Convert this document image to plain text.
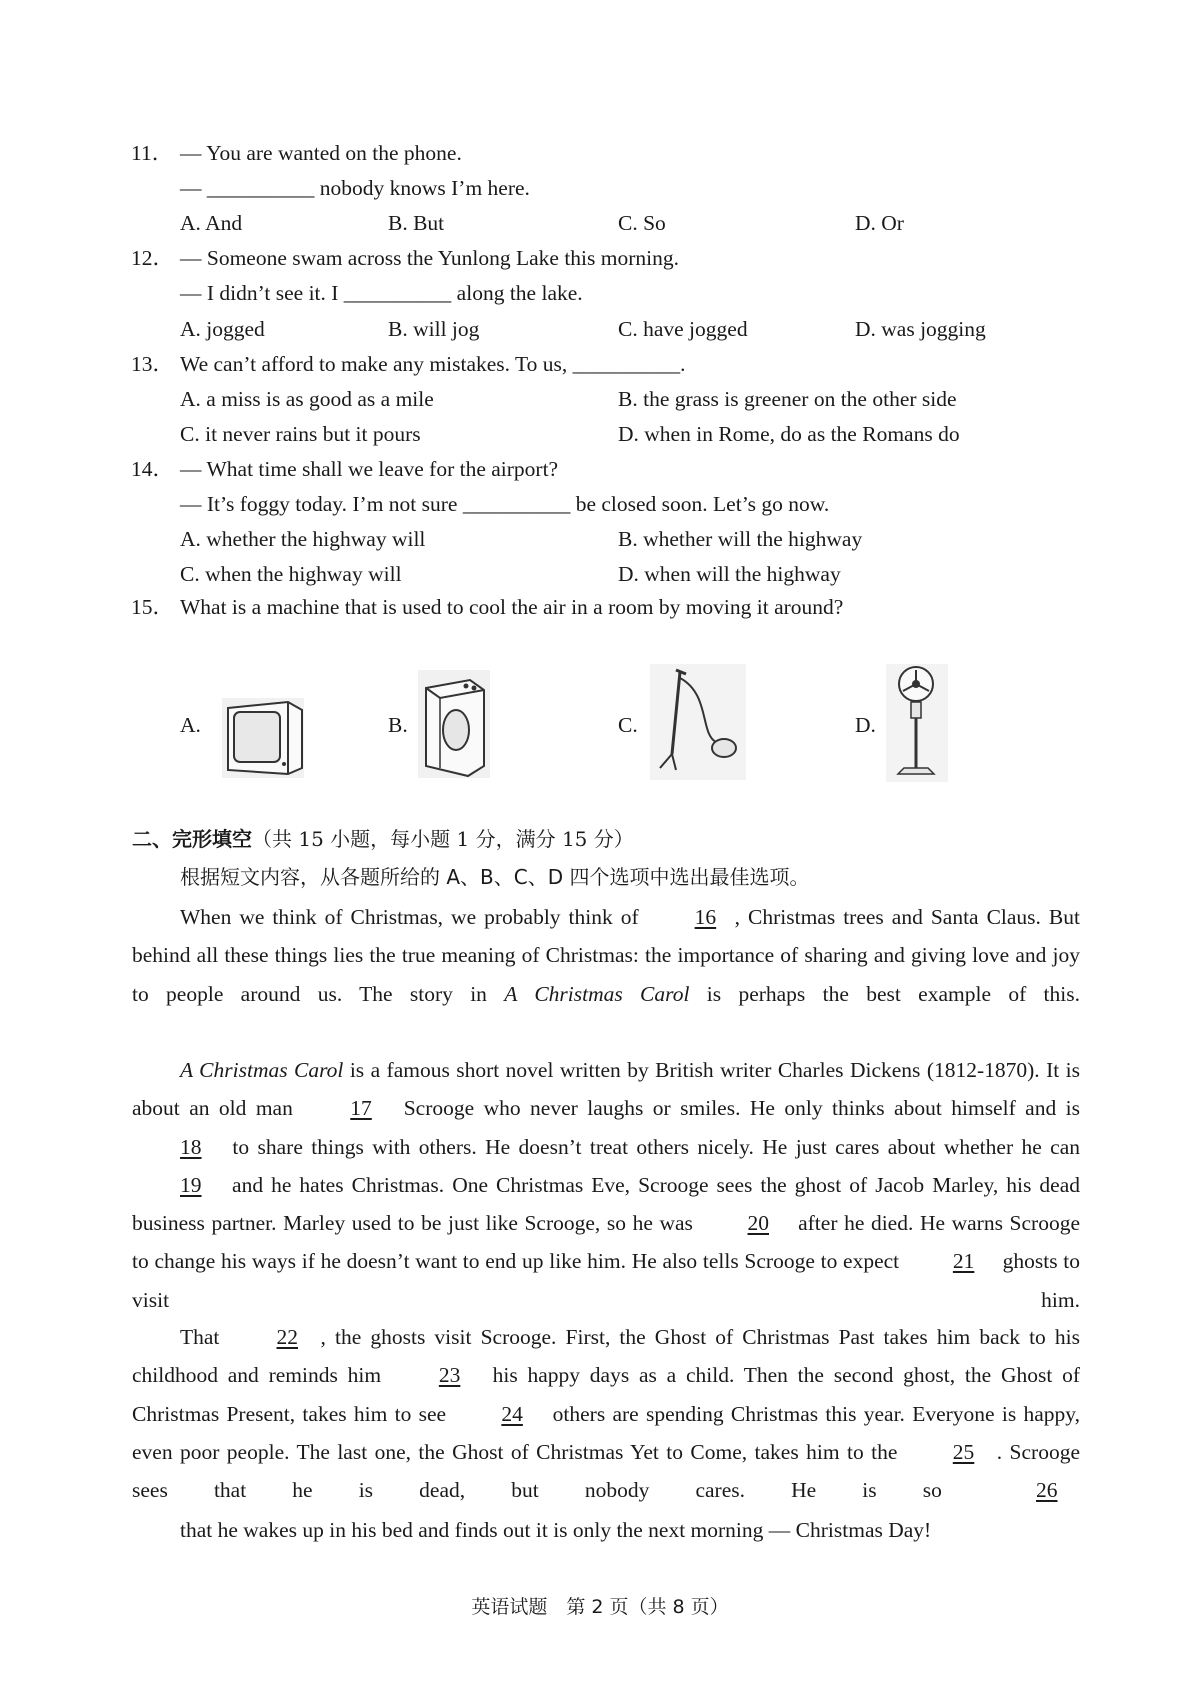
11． — You are wanted on the phone.
— __________ nobody knows I’m here.
A. And	B. But	C. So	D. Or
12． — Someone swam across the Yunlong Lake this morning.
— I didn’t see it. I __________ along the lake.
A. jogged	B. will jog	C. have jogged	D. was jogging
13． We can’t afford to make any mistakes. To us, __________.
A. a miss is as good as a mile	B. the grass is greener on the other side
C. it never rains but it pours	D. when in Rome, do as the Romans do
14． — What time shall we leave for the airport?
— It’s foggy today. I’m not sure __________ be closed soon. Let’s go now.
A. whether the highway will	B. whether will the highway
C. when the highway will	D. when will the highway
15． What is a machine that is used to cool the air in a room by moving it around?
A.	B.	C.	D.
二、完形填空（共 15 小题，每小题 1 分，满分 15 分）
根据短文内容，从各题所给的 A、B、C、D 四个选项中选出最佳选项。
When we think of Christmas, we probably think of 16 , Christmas trees and Santa Claus. But behind all these things lies the true meaning of Christmas: the importance of sharing and giving love and joy to people around us. The story in A Christmas Carol is perhaps the best example of this.
A Christmas Carol is a famous short novel written by British writer Charles Dickens (1812-1870). It is about an old man 17 Scrooge who never laughs or smiles. He only thinks about himself and is 18 to share things with others. He doesn’t treat others nicely. He just cares about whether he can 19 and he hates Christmas. One Christmas Eve, Scrooge sees the ghost of Jacob Marley, his dead business partner. Marley used to be just like Scrooge, so he was 20 after he died. He warns Scrooge to change his ways if he doesn’t want to end up like him. He also tells Scrooge to expect 21 ghosts to visit him.
That 22 , the ghosts visit Scrooge. First, the Ghost of Christmas Past takes him back to his childhood and reminds him 23 his happy days as a child. Then the second ghost, the Ghost of Christmas Present, takes him to see 24 others are spending Christmas this year. Everyone is happy, even poor people. The last one, the Ghost of Christmas Yet to Come, takes him to the 25 . Scrooge sees that he is dead, but nobody cares. He is so 26
that he wakes up in his bed and finds out it is only the next morning — Christmas Day!
英语试题　第 2 页（共 8 页）
